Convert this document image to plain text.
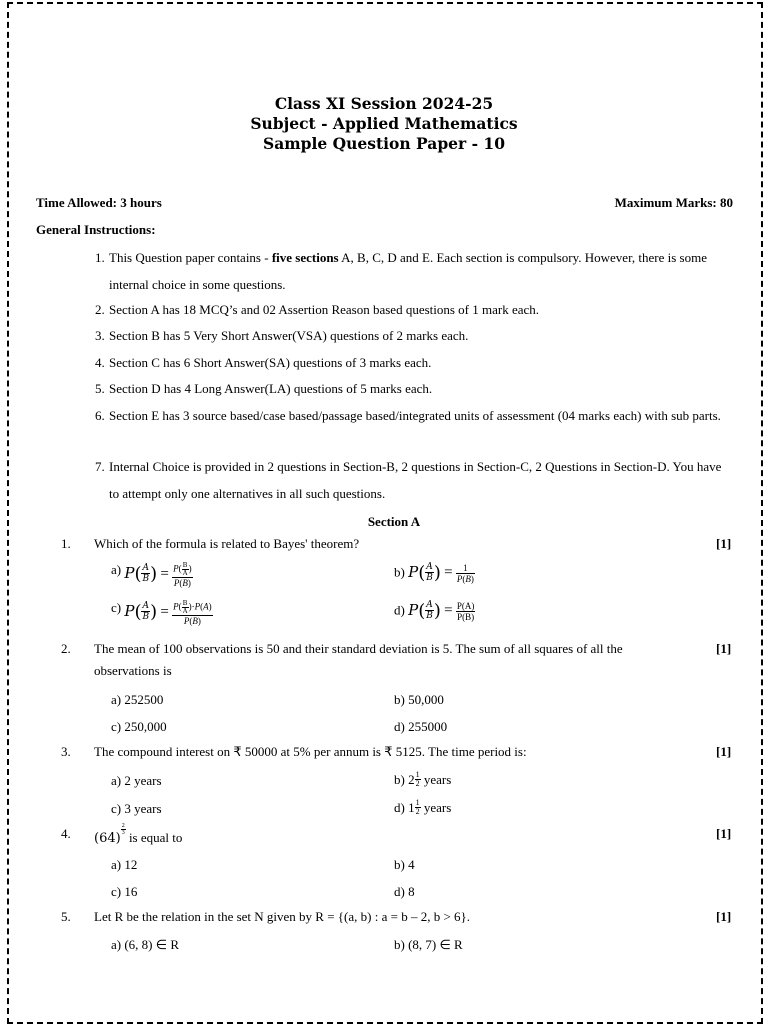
Class XI Session 2024-25
Subject - Applied Mathematics
Sample Question Paper - 10
Time Allowed: 3 hours	Maximum Marks: 80
General Instructions:
1. This Question paper contains - five sections A, B, C, D and E. Each section is compulsory. However, there is some internal choice in some questions.
2. Section A has 18 MCQ’s and 02 Assertion Reason based questions of 1 mark each.
3. Section B has 5 Very Short Answer(VSA) questions of 2 marks each.
4. Section C has 6 Short Answer(SA) questions of 3 marks each.
5. Section D has 4 Long Answer(LA) questions of 5 marks each.
6. Section E has 3 source based/case based/passage based/integrated units of assessment (04 marks each) with sub parts.
7. Internal Choice is provided in 2 questions in Section-B, 2 questions in Section-C, 2 Questions in Section-D. You have to attempt only one alternatives in all such questions.
Section A
1. Which of the formula is related to Bayes' theorem?	[1]
a) $P( \frac{A}{B}$ ) = $\frac{P( \frac{B}{A} )}{P(B)}$	b) $P( \frac{A}{B}$ ) = $\frac{1}{P(B)}$
c) $P( \frac{A}{B}$ ) = $\frac{P( \frac{B}{A} )\cdot P(A)}{P(B)}$	d) $P( \frac{A}{B}$ ) = $\frac{P(A)}{P(B)}$
2. The mean of 100 observations is 50 and their standard deviation is 5. The sum of all squares of all the observations is
[1]
a) 252500	b) 50,000
c) 250,000	d) 255000
3. The compound interest on ₹ 50000 at 5% per annum is ₹ 5125. The time period is:	[1]
a) 2 years	b) $2 \frac{1}{2}$ years
c) 3 years	d) $1 \frac{1}{2}$ years
4. (64)
$^{\frac{2}{3}}$
is equal to	[1]
a) 12	b) 4
c) 16	d) 8
5. Let R be the relation in the set N given by R = {(a, b) : a = b – 2, b > 6}.	[1]
a) (6, 8) ∈ R	b) (8, 7) ∈ R
